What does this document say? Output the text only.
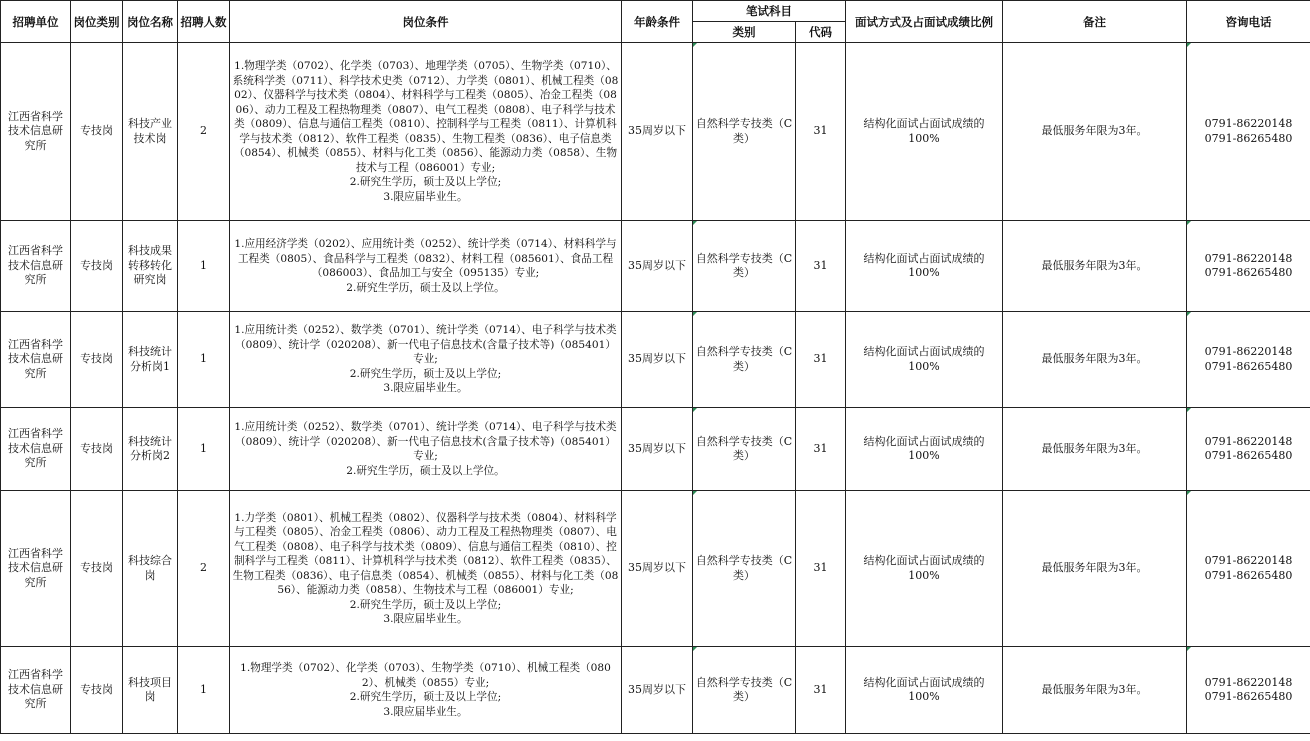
招聘单位	岗位类别	岗位名称	招聘人数	岗位条件	年龄条件	笔试科目		面试方式及占面试成绩比例	备注	咨询电话
						类别	代码			
江西省科学技术信息研究所	专技岗	科技产业技术岗	2	1.物理学类（0702）、化学类（0703）、地理学类（0705）、生物学类（0710）、系统科学类（0711）、科学技术史类（0712）、力学类（0801）、机械工程类（0802）、仪器科学与技术类（0804）、材料科学与工程类（0805）、冶金工程类（0806）、动力工程及工程热物理类（0807）、电气工程类（0808）、电子科学与技术类（0809）、信息与通信工程类（0810）、控制科学与工程类（0811）、计算机科学与技术类（0812）、软件工程类（0835）、生物工程类（0836）、电子信息类（0854）、机械类（0855）、材料与化工类（0856）、能源动力类（0858）、生物技术与工程（086001）专业;
2.研究生学历，硕士及以上学位;
3.限应届毕业生。	35周岁以下	自然科学专技类（C类）	31	结构化面试占面试成绩的100%	最低服务年限为3年。	0791-86220148
0791-86265480

江西省科学技术信息研究所	专技岗	科技成果转移转化研究岗	1	1.应用经济学类（0202）、应用统计类（0252）、统计学类（0714）、材料科学与工程类（0805）、食品科学与工程类（0832）、材料工程（085601）、食品工程（086003）、食品加工与安全（095135）专业;
2.研究生学历，硕士及以上学位。	35周岁以下	自然科学专技类（C类）	31	结构化面试占面试成绩的100%	最低服务年限为3年。	0791-86220148
0791-86265480

江西省科学技术信息研究所	专技岗	科技统计分析岗1	1	1.应用统计类（0252）、数学类（0701）、统计学类（0714）、电子科学与技术类（0809）、统计学（020208）、新一代电子信息技术(含量子技术等)（085401）专业;
2.研究生学历，硕士及以上学位;
3.限应届毕业生。	35周岁以下	自然科学专技类（C类）	31	结构化面试占面试成绩的100%	最低服务年限为3年。	0791-86220148
0791-86265480

江西省科学技术信息研究所	专技岗	科技统计分析岗2	1	1.应用统计类（0252）、数学类（0701）、统计学类（0714）、电子科学与技术类（0809）、统计学（020208）、新一代电子信息技术(含量子技术等)（085401）专业;
2.研究生学历，硕士及以上学位。	35周岁以下	自然科学专技类（C类）	31	结构化面试占面试成绩的100%	最低服务年限为3年。	0791-86220148
0791-86265480

江西省科学技术信息研究所	专技岗	科技综合岗	2	1.力学类（0801）、机械工程类（0802）、仪器科学与技术类（0804）、材料科学与工程类（0805）、冶金工程类（0806）、动力工程及工程热物理类（0807）、电气工程类（0808）、电子科学与技术类（0809）、信息与通信工程类（0810）、控制科学与工程类（0811）、计算机科学与技术类（0812）、软件工程类（0835）、生物工程类（0836）、电子信息类（0854）、机械类（0855）、材料与化工类（0856）、能源动力类（0858）、生物技术与工程（086001）专业;
2.研究生学历，硕士及以上学位;
3.限应届毕业生。	35周岁以下	自然科学专技类（C类）	31	结构化面试占面试成绩的100%	最低服务年限为3年。	0791-86220148
0791-86265480

江西省科学技术信息研究所	专技岗	科技项目岗	1	1.物理学类（0702）、化学类（0703）、生物学类（0710）、机械工程类（0802）、机械类（0855）专业;
2.研究生学历，硕士及以上学位;
3.限应届毕业生。	35周岁以下	自然科学专技类（C类）	31	结构化面试占面试成绩的100%	最低服务年限为3年。	0791-86220148
0791-86265480
